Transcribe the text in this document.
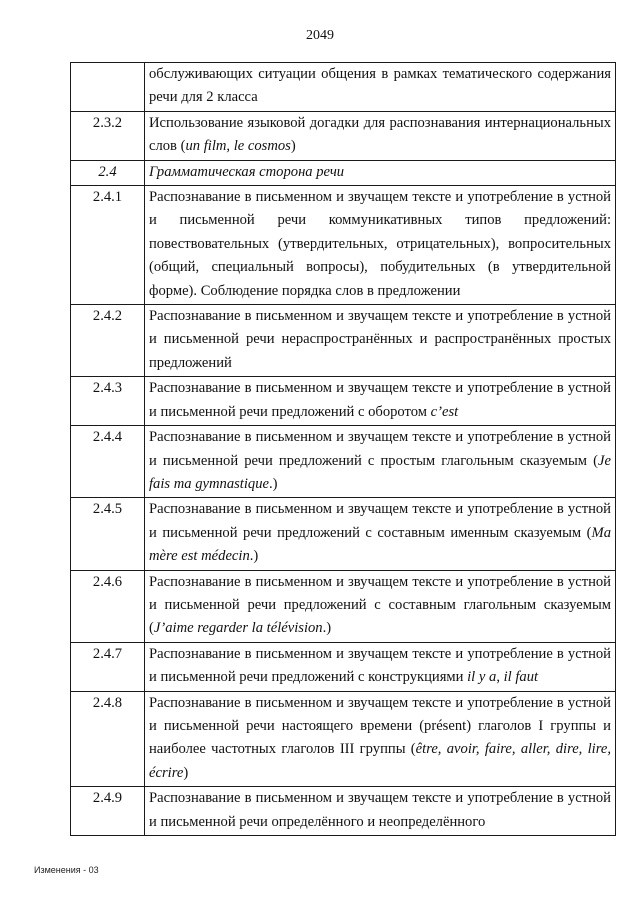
2049
	обслуживающих ситуации общения в рамках тематического содержания речи для 2 класса
2.3.2	Использование языковой догадки для распознавания интернациональных слов (un film, le cosmos)
2.4	Грамматическая сторона речи
2.4.1	Распознавание в письменном и звучащем тексте и употребление в устной и письменной речи коммуникативных типов предложений: повествовательных (утвердительных, отрицательных), вопросительных (общий, специальный вопросы), побудительных (в утвердительной форме). Соблюдение порядка слов в предложении
2.4.2	Распознавание в письменном и звучащем тексте и употребление в устной и письменной речи нераспространённых и распространённых простых предложений
2.4.3	Распознавание в письменном и звучащем тексте и употребление в устной и письменной речи предложений с оборотом c’est
2.4.4	Распознавание в письменном и звучащем тексте и употребление в устной и письменной речи предложений с простым глагольным сказуемым (Je fais ma gymnastique.)
2.4.5	Распознавание в письменном и звучащем тексте и употребление в устной и письменной речи предложений с составным именным сказуемым (Ma mère est médecin.)
2.4.6	Распознавание в письменном и звучащем тексте и употребление в устной и письменной речи предложений с составным глагольным сказуемым (J’aime regarder la télévision.)
2.4.7	Распознавание в письменном и звучащем тексте и употребление в устной и письменной речи предложений с конструкциями il y a, il faut
2.4.8	Распознавание в письменном и звучащем тексте и употребление в устной и письменной речи настоящего времени (présent) глаголов I группы и наиболее частотных глаголов III группы (être, avoir, faire, aller, dire, lire, écrire)
2.4.9	Распознавание в письменном и звучащем тексте и употребление в устной и письменной речи определённого и неопределённого
Изменения - 03
